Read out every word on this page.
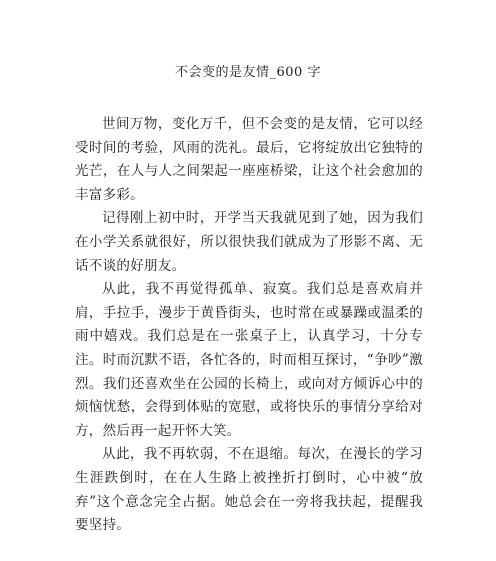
不会变的是友情_600 字

世间万物，变化万千，但不会变的是友情，它可以经受时间的考验，风雨的洗礼。最后，它将绽放出它独特的光芒，在人与人之间架起一座座桥梁，让这个社会愈加的丰富多彩。

记得刚上初中时，开学当天我就见到了她，因为我们在小学关系就很好，所以很快我们就成为了形影不离、无话不谈的好朋友。

从此，我不再觉得孤单、寂寞。我们总是喜欢肩并肩，手拉手，漫步于黄昏街头，也时常在或暴躁或温柔的雨中嬉戏。我们总是在一张桌子上，认真学习，十分专注。时而沉默不语，各忙各的，时而相互探讨，“争吵”激烈。我们还喜欢坐在公园的长椅上，或向对方倾诉心中的烦恼忧愁，会得到体贴的宽慰，或将快乐的事情分享给对方，然后再一起开怀大笑。

从此，我不再软弱，不在退缩。每次，在漫长的学习生涯跌倒时，在在人生路上被挫折打倒时，心中被“放弃”这个意念完全占据。她总会在一旁将我扶起，提醒我要坚持。
